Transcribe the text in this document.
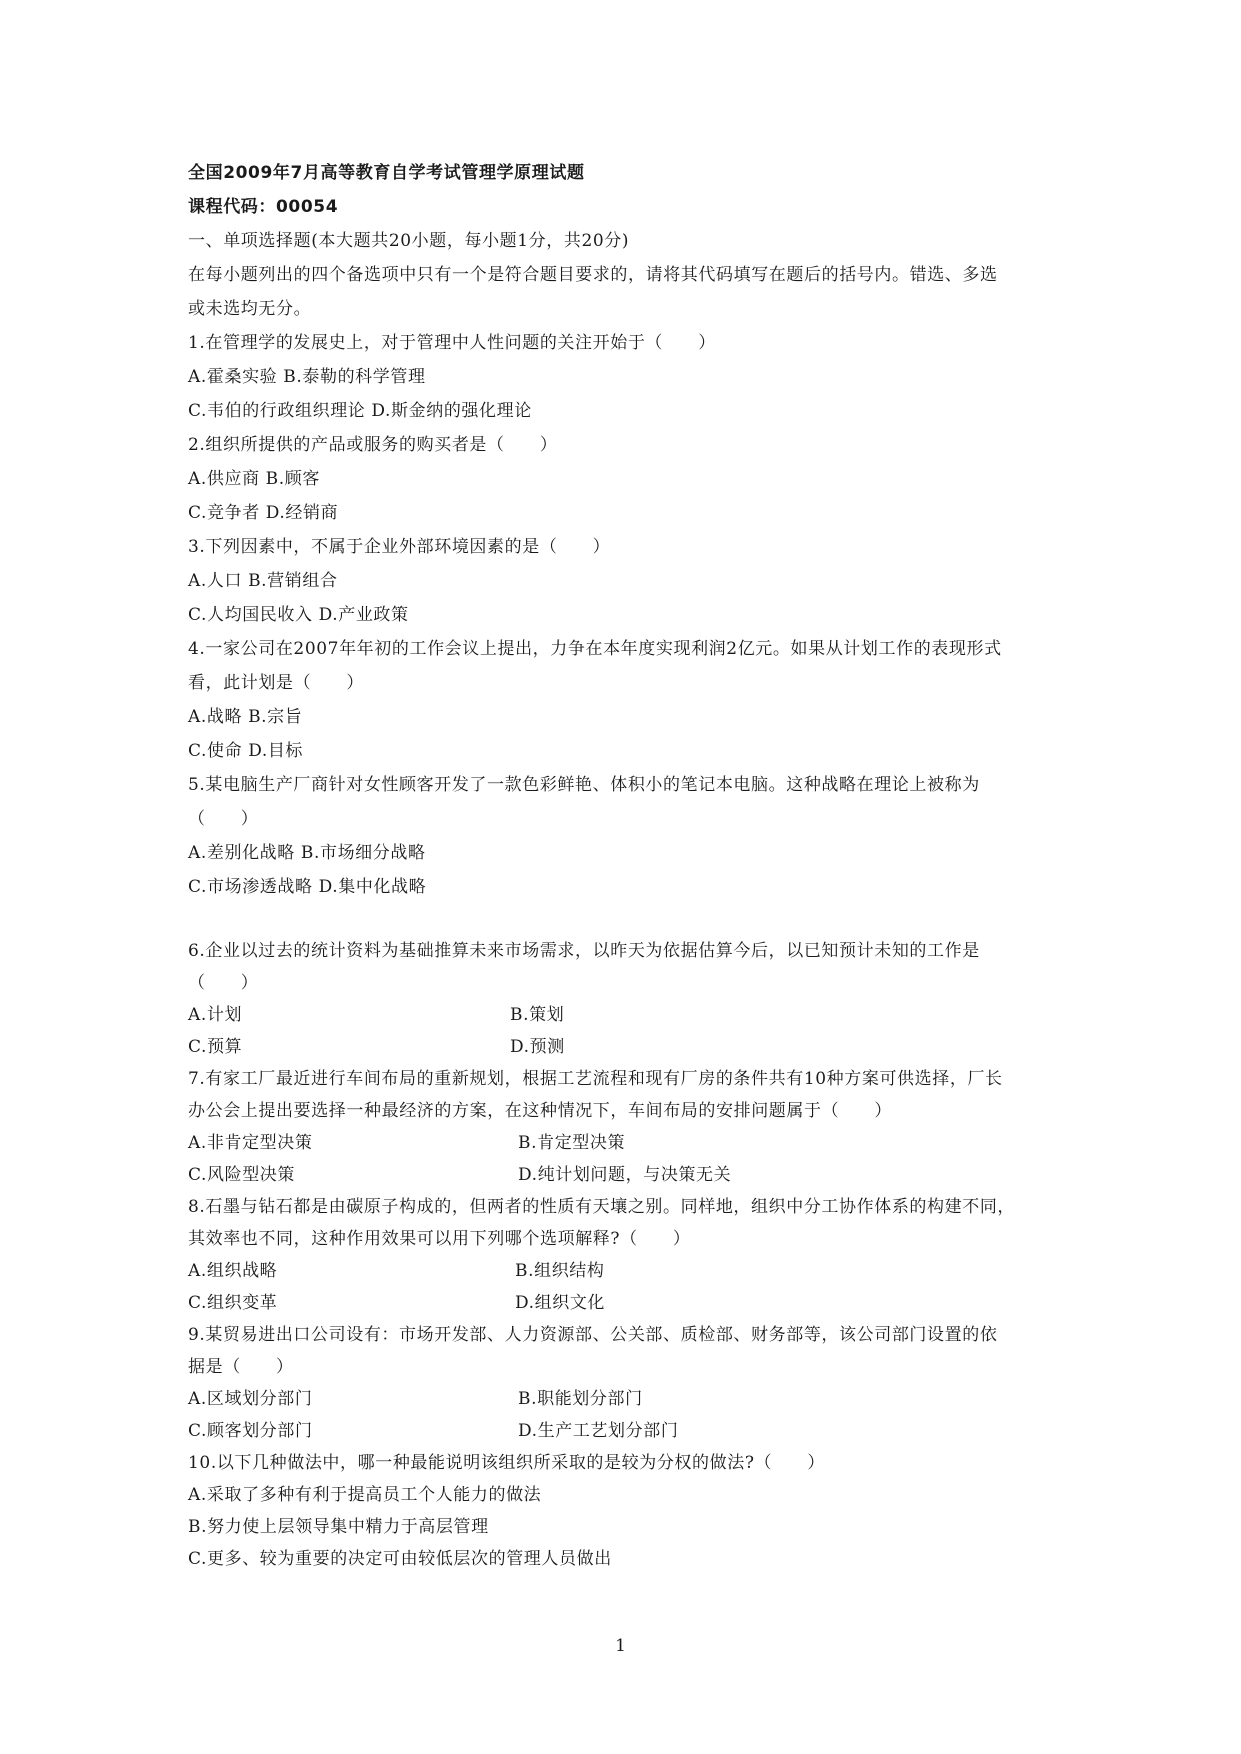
全国2009年7月高等教育自学考试管理学原理试题
课程代码：00054
一、单项选择题(本大题共20小题，每小题1分，共20分)
在每小题列出的四个备选项中只有一个是符合题目要求的，请将其代码填写在题后的括号内。错选、多选
或未选均无分。
1.在管理学的发展史上，对于管理中人性问题的关注开始于（　　）
A.霍桑实验 B.泰勒的科学管理
C.韦伯的行政组织理论 D.斯金纳的强化理论
2.组织所提供的产品或服务的购买者是（　　）
A.供应商 B.顾客
C.竞争者 D.经销商
3.下列因素中，不属于企业外部环境因素的是（　　）
A.人口 B.营销组合
C.人均国民收入 D.产业政策
4.一家公司在2007年年初的工作会议上提出，力争在本年度实现利润2亿元。如果从计划工作的表现形式
看，此计划是（　　）
A.战略 B.宗旨
C.使命 D.目标
5.某电脑生产厂商针对女性顾客开发了一款色彩鲜艳、体积小的笔记本电脑。这种战略在理论上被称为
（　　）
A.差别化战略 B.市场细分战略
C.市场渗透战略 D.集中化战略
6.企业以过去的统计资料为基础推算未来市场需求，以昨天为依据估算今后，以已知预计未知的工作是
（　　）
A.计划	B.策划
C.预算	D.预测
7.有家工厂最近进行车间布局的重新规划，根据工艺流程和现有厂房的条件共有10种方案可供选择，厂长
办公会上提出要选择一种最经济的方案，在这种情况下，车间布局的安排问题属于（　　）
A.非肯定型决策	B.肯定型决策
C.风险型决策	D.纯计划问题，与决策无关
8.石墨与钻石都是由碳原子构成的，但两者的性质有天壤之别。同样地，组织中分工协作体系的构建不同，
其效率也不同，这种作用效果可以用下列哪个选项解释?（　　）
A.组织战略	B.组织结构
C.组织变革	D.组织文化
9.某贸易进出口公司设有：市场开发部、人力资源部、公关部、质检部、财务部等，该公司部门设置的依
据是（　　）
A.区域划分部门	B.职能划分部门
C.顾客划分部门	D.生产工艺划分部门
10.以下几种做法中，哪一种最能说明该组织所采取的是较为分权的做法?（　　）
A.采取了多种有利于提高员工个人能力的做法
B.努力使上层领导集中精力于高层管理
C.更多、较为重要的决定可由较低层次的管理人员做出
1
